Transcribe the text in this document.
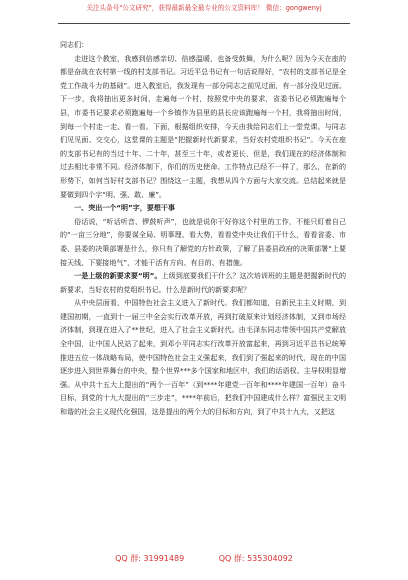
关注头条号"公文研究"，获得最新最全最专业的公文资料库！ 微信：gongwenyj

同志们：

走进这个教室，我感到倍感亲切、倍感温暖，也备受鼓舞，为什么呢？因为今天在座的都是奋战在农村第一线的村支部书记。习近平总书记有一句话说得好，“农村的支部书记是全党工作战斗力的基础”。进入教室后，我发现有一部分同志之前见过面，有一部分没见过面。下一步，我将抽出更多时间，走遍每一个村，按照党中央的要求，省委书记必须跑遍每个县，市委书记要求必须跑遍每一个乡镇作为县里的县长应该跑遍每一个村，我将抽出时间，到每一个村走一走、看一看。下面，根据组织安排，今天由我给同志们上一堂党课。与同志们见见面、交交心，这堂课的主题是“把握新时代新要求，当好农村党组织书记”。今天在座的支部书记有的当过十年、二十年，甚至三十年，或者更长，但是，我们现在的经济体制和过去相比非常不同。经济体制下，你们的历史使命、工作特点已经不一样了，那么，在新的形势下，如何当好村支部书记？围绕这一主题，我想从四个方面与大家交流。总结起来就是要做到四个字“明、强、敢、廉”。

一、突出一个“明”字，要想干事

俗话说，“听话听音、锣鼓听声”，也就是说你干好你这个村里的工作，不能只盯着自己的“一亩三分地”，你要谋全局、明事理、看大势，看看党中央让我们干什么，看看省委、市委、县委的决策部署是什么，你只有了解党的方针政策，了解了县委县政府的决策部署“上要接天线、下要接地气”，才能干活有方向、有目的、有措施。

一是上级的新要求要“明”。上级到底要我们干什么？这次培训班的主题是把握新时代的新要求，当好农村的党组织书记。什么是新时代的新要求呢？

从中央层面看，中国特色社会主义进入了新时代。我们都知道，自新民主主义时期，到建国初期，一直到十一届三中全会实行改革开放，再到打破原来计划经济体制，又到市场经济体制，到现在进入了**世纪，进入了社会主义新时代。由毛泽东同志带领中国共产党解放全中国，让中国人民站了起来，到邓小平同志实行改革开放富起来，再到习近平总书记统筹推进五位一体战略布局，使中国特色社会主义强起来，我们到了强起来的时代，现在的中国逐步进入到世界舞台的中央，整个世界***多个国家和地区中，我们的话语权、主导权明显增强。从中共十五大上提出的“两个一百年”（到****年建党一百年和****年建国一百年）奋斗目标，到党的十九大提出的“三步走”，****年前后，把我们中国建成什么样？富强民主文明和谐的社会主义现代化强国，这是提出的两个大的目标和方向，到了中共十九大，又把这

QQ 群: 31991489	QQ 群: 535304092
